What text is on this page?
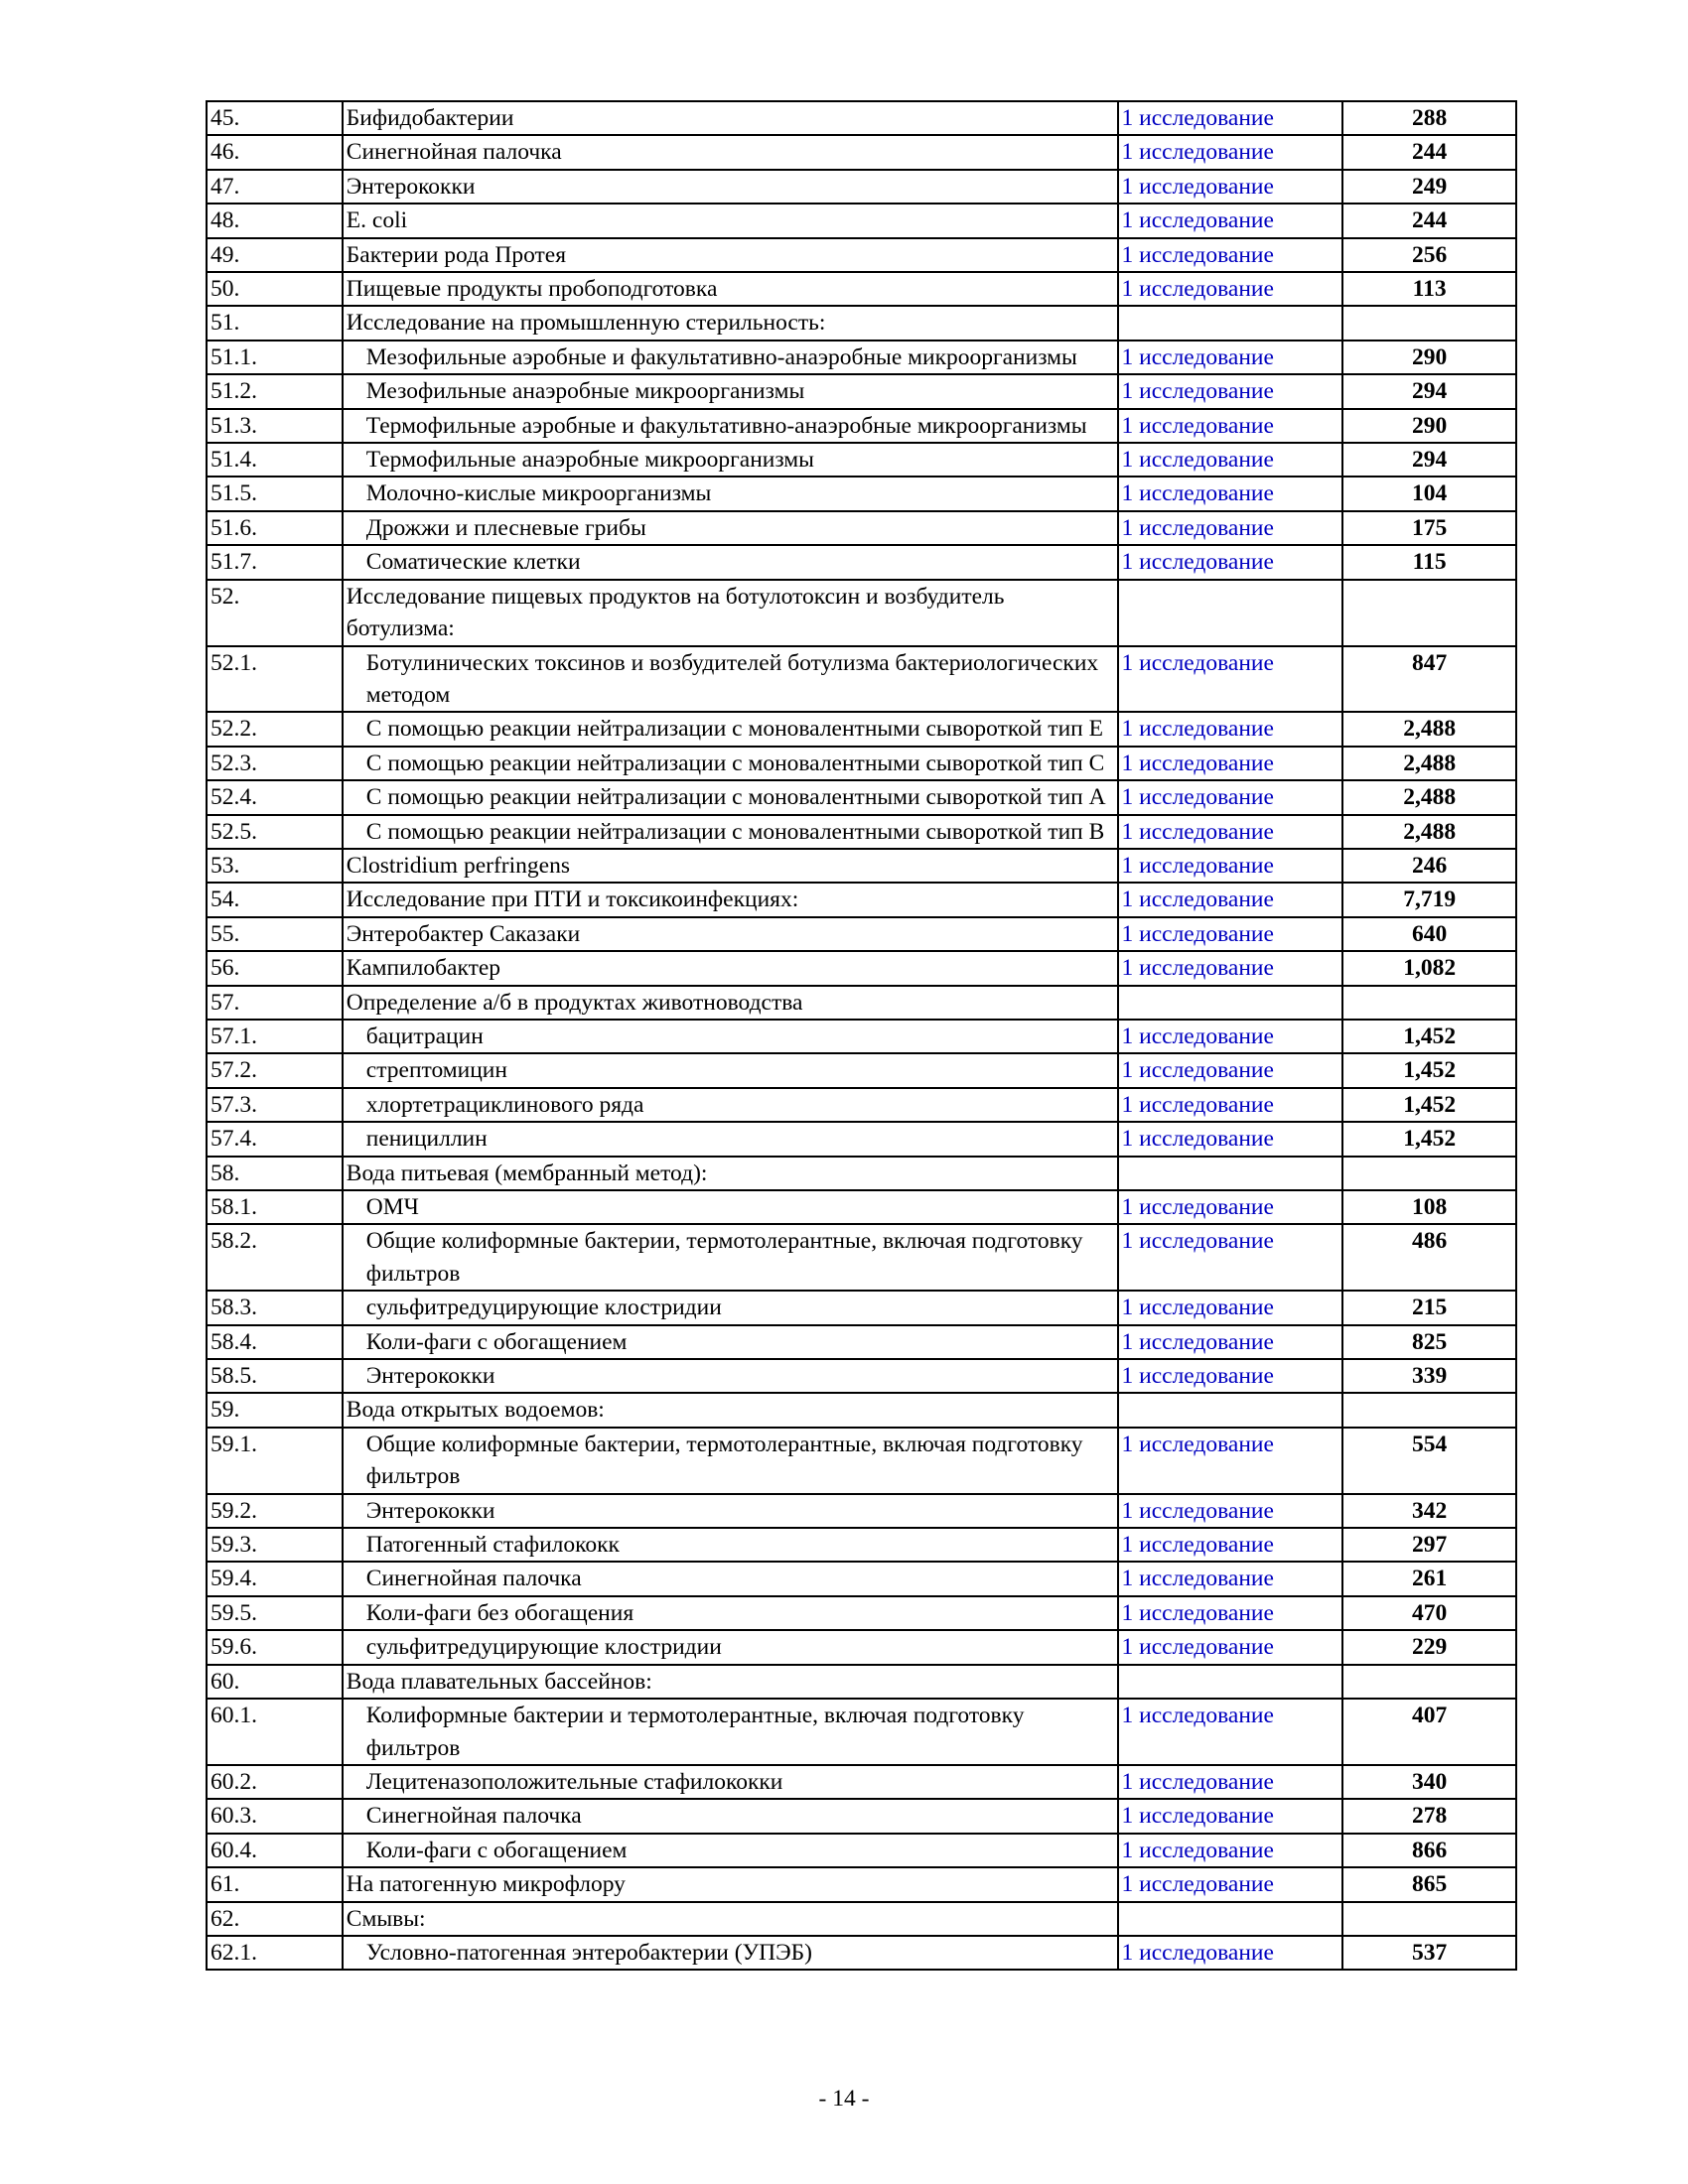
45.	Бифидобактерии	1 исследование	288
46.	Синегнойная палочка	1 исследование	244
47.	Энтерококки	1 исследование	249
48.	E. coli	1 исследование	244
49.	Бактерии рода Протея	1 исследование	256
50.	Пищевые продукты пробоподготовка	1 исследование	113
51.	Исследование на промышленную стерильность:		
51.1.	Мезофильные аэробные и факультативно-анаэробные микроорганизмы	1 исследование	290
51.2.	Мезофильные анаэробные микроорганизмы	1 исследование	294
51.3.	Термофильные аэробные и факультативно-анаэробные микроорганизмы	1 исследование	290
51.4.	Термофильные анаэробные микроорганизмы	1 исследование	294
51.5.	Молочно-кислые микроорганизмы	1 исследование	104
51.6.	Дрожжи и плесневые грибы	1 исследование	175
51.7.	Соматические клетки	1 исследование	115
52.	Исследование пищевых продуктов на ботулотоксин и возбудитель ботулизма:		
52.1.	Ботулинических токсинов и возбудителей ботулизма бактериологических методом	1 исследование	847
52.2.	С помощью реакции нейтрализации с моновалентными сывороткой тип E	1 исследование	2,488
52.3.	С помощью реакции нейтрализации с моновалентными сывороткой тип C	1 исследование	2,488
52.4.	С помощью реакции нейтрализации с моновалентными сывороткой тип A	1 исследование	2,488
52.5.	С помощью реакции нейтрализации с моновалентными сывороткой тип B	1 исследование	2,488
53.	Clostridium perfringens	1 исследование	246
54.	Исследование при ПТИ и токсикоинфекциях:	1 исследование	7,719
55.	Энтеробактер Саказаки	1 исследование	640
56.	Кампилобактер	1 исследование	1,082
57.	Определение а/б в продуктах животноводства		
57.1.	бацитрацин	1 исследование	1,452
57.2.	стрептомицин	1 исследование	1,452
57.3.	хлортетрациклинового ряда	1 исследование	1,452
57.4.	пенициллин	1 исследование	1,452
58.	Вода питьевая (мембранный метод):		
58.1.	ОМЧ	1 исследование	108
58.2.	Общие колиформные бактерии, термотолерантные, включая подготовку фильтров	1 исследование	486
58.3.	сульфитредуцирующие клостридии	1 исследование	215
58.4.	Коли-фаги с обогащением	1 исследование	825
58.5.	Энтерококки	1 исследование	339
59.	Вода открытых водоемов:		
59.1.	Общие колиформные бактерии, термотолерантные, включая подготовку фильтров	1 исследование	554
59.2.	Энтерококки	1 исследование	342
59.3.	Патогенный стафилококк	1 исследование	297
59.4.	Синегнойная палочка	1 исследование	261
59.5.	Коли-фаги без обогащения	1 исследование	470
59.6.	сульфитредуцирующие клостридии	1 исследование	229
60.	Вода плавательных бассейнов:		
60.1.	Колиформные бактерии и термотолерантные, включая подготовку фильтров	1 исследование	407
60.2.	Лецитеназоположительные стафилококки	1 исследование	340
60.3.	Синегнойная палочка	1 исследование	278
60.4.	Коли-фаги с обогащением	1 исследование	866
61.	На патогенную микрофлору	1 исследование	865
62.	Смывы:		
62.1.	Условно-патогенная энтеробактерии (УПЭБ)	1 исследование	537
- 14 -
